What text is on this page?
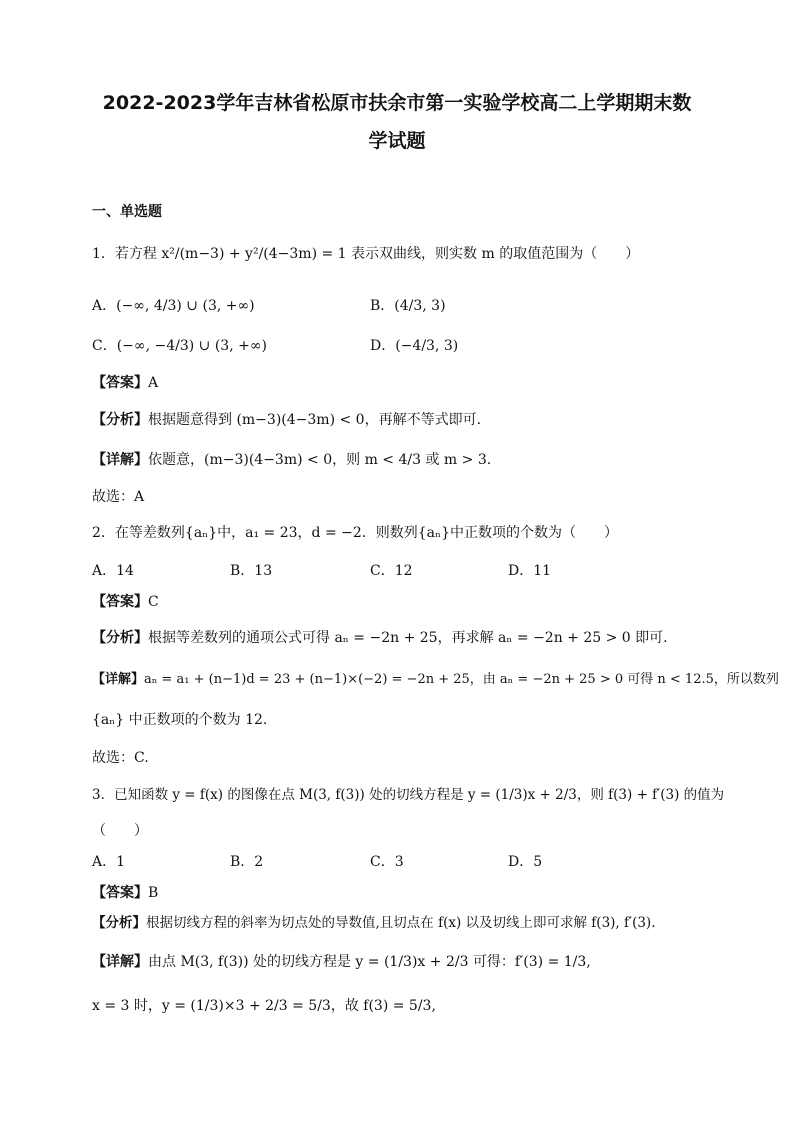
2022-2023学年吉林省松原市扶余市第一实验学校高二上学期期末数
学试题
一、单选题
1．若方程 x²/(m−3) + y²/(4−3m) = 1 表示双曲线，则实数 m 的取值范围为（　　）
A．(−∞, 4/3) ∪ (3, +∞)	B．(4/3, 3)
C．(−∞, −4/3) ∪ (3, +∞)	D．(−4/3, 3)
【答案】A
【分析】根据题意得到 (m−3)(4−3m) < 0，再解不等式即可.
【详解】依题意，(m−3)(4−3m) < 0，则 m < 4/3 或 m > 3.
故选：A
2．在等差数列{aₙ}中，a₁ = 23，d = −2．则数列{aₙ}中正数项的个数为（　　）
A．14	B．13	C．12	D．11
【答案】C
【分析】根据等差数列的通项公式可得 aₙ = −2n + 25，再求解 aₙ = −2n + 25 > 0 即可.
【详解】aₙ = a₁ + (n−1)d = 23 + (n−1)×(−2) = −2n + 25，由 aₙ = −2n + 25 > 0 可得 n < 12.5，所以数列
{aₙ} 中正数项的个数为 12.
故选：C.
3．已知函数 y = f(x) 的图像在点 M(3, f(3)) 处的切线方程是 y = (1/3)x + 2/3，则 f(3) + f′(3) 的值为
（　　）
A．1	B．2	C．3	D．5
【答案】B
【分析】根据切线方程的斜率为切点处的导数值,且切点在 f(x) 以及切线上即可求解 f(3), f′(3).
【详解】由点 M(3, f(3)) 处的切线方程是 y = (1/3)x + 2/3 可得：f′(3) = 1/3,
x = 3 时，y = (1/3)×3 + 2/3 = 5/3，故 f(3) = 5/3,
